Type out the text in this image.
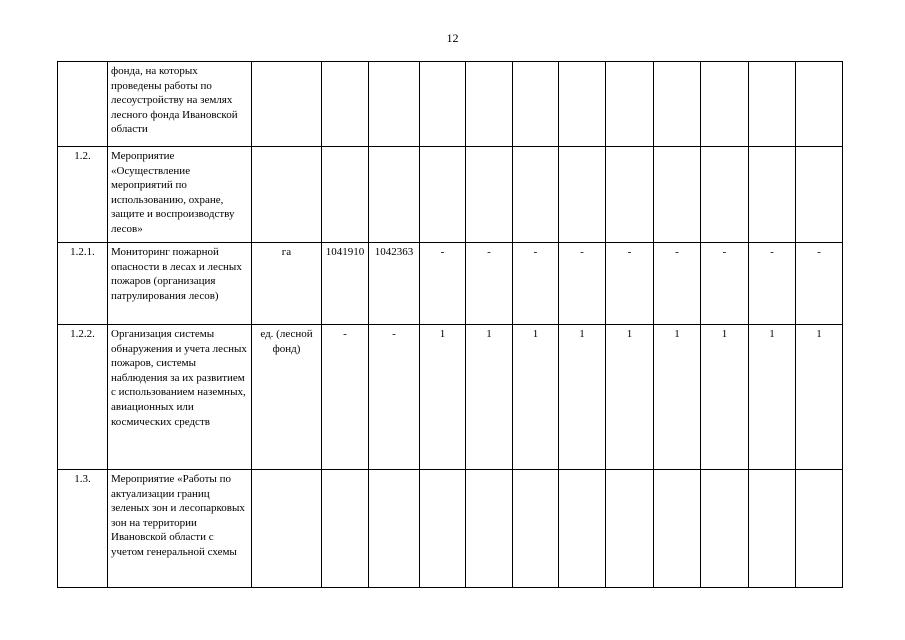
12
	фонда, на которых проведены работы по лесоустройству на землях лесного фонда Ивановской области												
1.2.	Мероприятие «Осуществление мероприятий по использованию, охране, защите и воспроизводству лесов»												
1.2.1.	Мониторинг пожарной опасности в лесах и лесных пожаров (организация патрулирования лесов)	га	1041910	1042363	-	-	-	-	-	-	-	-	-
1.2.2.	Организация системы обнаружения и учета лесных пожаров, системы наблюдения за их развитием с использованием наземных, авиационных или космических средств	ед. (лесной фонд)	-	-	1	1	1	1	1	1	1	1	1
1.3.	Мероприятие «Работы по актуализации границ зеленых зон и лесопарковых зон на территории Ивановской области с учетом генеральной схемы												
